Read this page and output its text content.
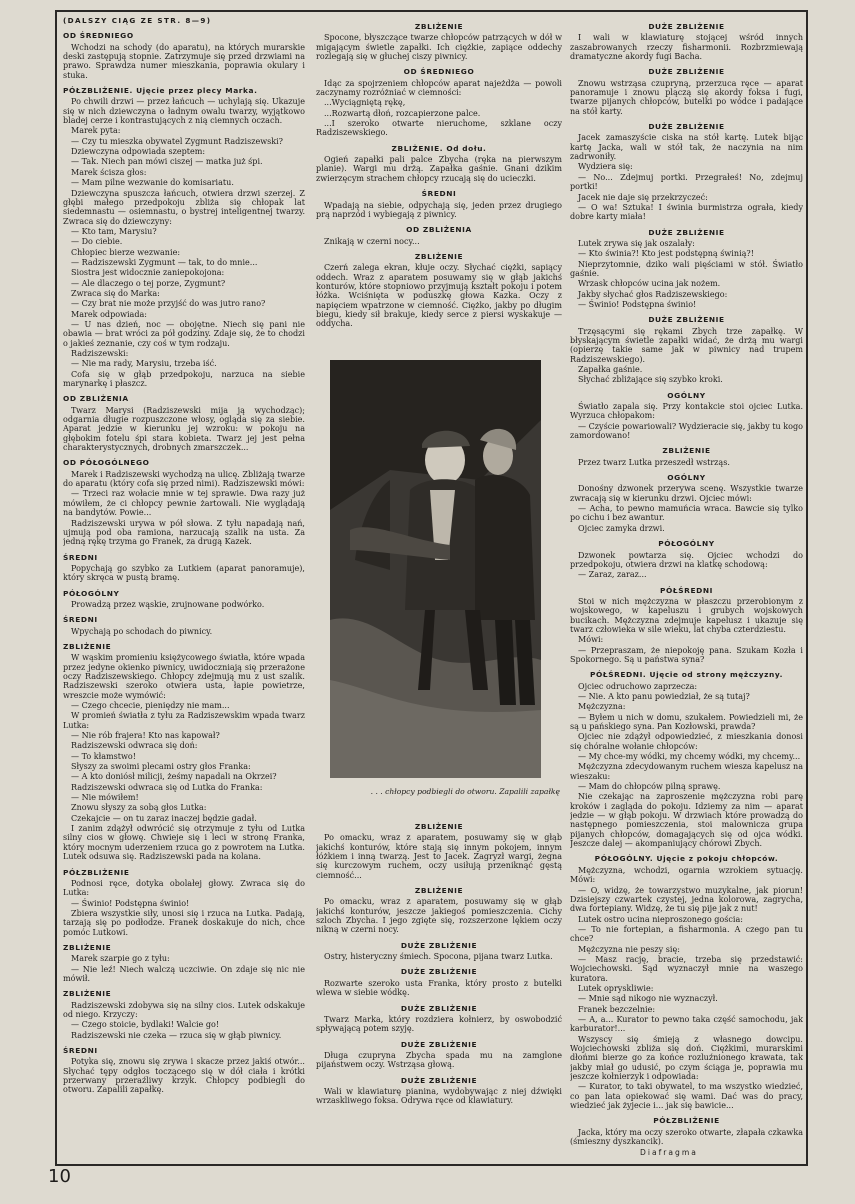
(DALSZY CIĄG ZE STR. 8—9)
OD ŚREDNIEGO

Wchodzi na schody (do aparatu), na których murarskie deski zastępują stopnie. Zatrzymuje się przed drzwiami na prawo. Sprawdza numer mieszkania, poprawia okulary i stuka.

PÓŁZBLIŻENIE. Ujęcie przez plecy Marka.

Po chwili drzwi — przez łańcuch — uchylają się. Ukazuje się w nich dziewczyna o ładnym owalu twarzy, wyjątkowo bladej cerze i kontrastujących z nią ciemnych oczach.

Marek pyta:

— Czy tu mieszka obywatel Zygmunt Radziszewski?

Dziewczyna odpowiada szeptem:

— Tak. Niech pan mówi ciszej — matka już śpi.

Marek ścisza głos:

— Mam pilne wezwanie do komisariatu.

Dziewczyna spuszcza łańcuch, otwiera drzwi szerzej. Z głębi małego przedpokoju zbliża się chłopak lat siedemnastu — osiemnastu, o bystrej inteligentnej twarzy. Zwraca się do dziewczyny:

— Kto tam, Marysiu?

— Do ciebie.

Chłopiec bierze wezwanie:

— Radziszewski Zygmunt — tak, to do mnie...

Siostra jest widocznie zaniepokojona:

— Ale dlaczego o tej porze, Zygmunt?

Zwraca się do Marka:

— Czy brat nie może przyjść do was jutro rano?

Marek odpowiada:

— U nas dzień, noc — obojętne. Niech się pani nie obawia — brat wróci za pół godziny. Zdaje się, że to chodzi o jakieś zeznanie, czy coś w tym rodzaju.

Radziszewski:

— Nie ma rady, Marysiu, trzeba iść.

Cofa się w głąb przedpokoju, narzuca na siebie marynarkę i płaszcz.

OD ZBLIŻENIA

Twarz Marysi (Radziszewski mija ją wychodząc); odgarnia długie rozpuszczone włosy, ogląda się za siebie. Aparat jedzie w kierunku jej wzroku: w pokoju na głębokim fotelu śpi stara kobieta. Twarz jej jest pełna charakterystycznych, drobnych zmarszczek...

OD PÓŁOGÓLNEGO

Marek i Radziszewski wychodzą na ulicę. Zbliżają twarze do aparatu (który cofa się przed nimi). Radziszewski mówi:

— Trzeci raz wołacie mnie w tej sprawie. Dwa razy już mówiłem, że ci chłopcy pewnie żartowali. Nie wyglądają na bandytów. Powie...

Radziszewski urywa w pół słowa. Z tyłu napadają nań, ujmują pod oba ramiona, narzucają szalik na usta. Za jedną rękę trzyma go Franek, za drugą Kazek.

ŚREDNI

Popychają go szybko za Lutkiem (aparat panoramuje), który skręca w pustą bramę.

PÓŁOGÓLNY

Prowadzą przez wąskie, zrujnowane podwórko.

ŚREDNI

Wpychają po schodach do piwnicy.

ZBLIŻENIE

W wąskim promieniu księżycowego światła, które wpada przez jedyne okienko piwnicy, uwidoczniają się przerażone oczy Radziszewskiego. Chłopcy zdejmują mu z ust szalik. Radziszewski szeroko otwiera usta, łapie powietrze, wreszcie może wymówić:

— Czego chcecie, pieniędzy nie mam...

W promień światła z tyłu za Radziszewskim wpada twarz Lutka:

— Nie rób frajera! Kto nas kapował?

Radziszewski odwraca się doń:

— To kłamstwo!

Słyszy za swoimi plecami ostry głos Franka:

— A kto doniósł milicji, żeśmy napadali na Okrzei?

Radziszewski odwraca się od Lutka do Franka:

— Nie mówiłem!

Znowu słyszy za sobą głos Lutka:

Czekajcie — on tu zaraz inaczej będzie gadał.

I zanim zdążył odwrócić się otrzymuje z tyłu od Lutka silny cios w głowę. Chwieje się i leci w stronę Franka, który mocnym uderzeniem rzuca go z powrotem na Lutka. Lutek odsuwa się. Radziszewski pada na kolana.

PÓŁZBLIŻENIE

Podnosi ręce, dotyka obolałej głowy. Zwraca się do Lutka:

— Świnio! Podstępna świnio!

Zbiera wszystkie siły, unosi się i rzuca na Lutka. Padają, tarzają się po podłodze. Franek doskakuje do nich, chce pomóc Lutkowi.

ZBLIŻENIE

Marek szarpie go z tyłu:

— Nie leź! Niech walczą uczciwie. On zdaje się nic nie mówił.

ZBLIŻENIE

Radziszewski zdobywa się na silny cios. Lutek odskakuje od niego. Krzyczy:

— Czego stoicie, bydlaki! Walcie go!

Radziszewski nie czeka — rzuca się w głąb piwnicy.

ŚREDNI

Potyka się, znowu się zrywa i skacze przez jakiś otwór... Słychać tępy odgłos toczącego się w dół ciała i krótki przerwany przeraźliwy krzyk. Chłopcy podbiegli do otworu. Zapalili zapałkę.

ZBLIŻENIE

Spocone, błyszczące twarze chłopców patrzących w dół w migającym świetle zapałki. Ich ciężkie, zapiące oddechy rozlegają się w głuchej ciszy piwnicy.

OD ŚREDNIEGO

Idąc za spojrzeniem chłopców aparat najeżdża — powoli zaczynamy rozróżniać w ciemności:

...Wyciągniętą rękę,

...Rozwartą dłoń, rozcapierzone palce.

...I szeroko otwarte nieruchome, szklane oczy Radziszewskiego.

ZBLIŻENIE. Od dołu.

Ogień zapałki pali palce Zbycha (ręka na pierwszym planie). Wargi mu drżą. Zapałka gaśnie. Gnani dzikim zwierzęcym strachem chłopcy rzucają się do ucieczki.

ŚREDNI

Wpadają na siebie, odpychają się, jeden przez drugiego prą naprzód i wybiegają z piwnicy.

OD ZBLIŻENIA

Znikają w czerni nocy...

ZBLIŻENIE

Czerń zalega ekran, kłuje oczy. Słychać ciężki, sapiący oddech. Wraz z aparatem posuwamy się w głąb jakichś konturów, które stopniowo przyjmują kształt pokoju i potem łóżka. Wciśnięta w poduszkę głowa Kazka. Oczy z napięciem wpatrzone w ciemność. Ciężko, jakby po długim biegu, kiedy sił brakuje, kiedy serce z piersi wyskakuje — oddycha.

. . . chłopcy podbiegli do otworu. Zapalili zapałkę
ZBLIŻENIE

Po omacku, wraz z aparatem, posuwamy się w głąb jakichś konturów, które stają się innym pokojem, innym łóżkiem i inną twarzą. Jest to Jacek. Zagryzł wargi, żegna się kurczowym ruchem, oczy usiłują przeniknąć gęstą ciemność...

ZBLIŻENIE

Po omacku, wraz z aparatem, posuwamy się w głąb jakichś konturów, jeszcze jakiegoś pomieszczenia. Cichy szloch Zbycha. I jego zgięte się, rozszerzone lękiem oczy nikną w czerni nocy.

DUŻE ZBLIŻENIE

Ostry, histeryczny śmiech. Spocona, pijana twarz Lutka.

DUŻE ZBLIŻENIE

Rozwarte szeroko usta Franka, który prosto z butelki wlewa w siebie wódkę.

DUŻE ZBLIŻENIE

Twarz Marka, który rozdziera kołnierz, by oswobodzić spływającą potem szyję.

DUŻE ZBLIŻENIE

Długa czupryna Zbycha spada mu na zamglone pijaństwem oczy. Wstrząsa głową.

DUŻE ZBLIŻENIE

Wali w klawiaturę pianina, wydobywając z niej dźwięki wrzaskliwego foksa. Odrywa ręce od klawiatury.

DUŻE ZBLIŻENIE

I wali w klawiaturę stojącej wśród innych zaszabrowanych rzeczy fisharmonii. Rozbrzmiewają dramatyczne akordy fugi Bacha.

DUŻE ZBLIŻENIE

Znowu wstrząsa czupryną, przerzuca ręce — aparat panoramuje i znowu plączą się akordy foksa i fugi, twarze pijanych chłopców, butelki po wódce i padające na stół karty.

DUŻE ZBLIŻENIE

Jacek zamaszyście ciska na stół kartę. Lutek bijąc kartę Jacka, wali w stół tak, że naczynia na nim zadrwoniły.

Wydziera się:

— No... Zdejmuj portki. Przegrałeś! No, zdejmuj portki!

Jacek nie daje się przekrzyczeć:

— O wa! Sztuka! I świnia burmistrza ograła, kiedy dobre karty miała!

DUŻE ZBLIŻENIE

Lutek zrywa się jak oszalały:

— Kto świnia?! Kto jest podstępną świnią?!

Nieprzytomnie, dziko wali pięściami w stół. Światło gaśnie.

Wrzask chłopców ucina jak nożem.

Jakby słychać głos Radziszewskiego:

— Świnio! Podstępna świnio!

DUŻE ZBLIŻENIE

Trzęsącymi się rękami Zbych trze zapałkę. W błyskającym świetle zapałki widać, że drżą mu wargi (opierzę takie same jak w piwnicy nad trupem Radziszewskiego).

Zapałka gaśnie.

Słychać zbliżające się szybko kroki.

OGÓLNY

Światło zapala się. Przy kontakcie stoi ojciec Lutka. Wyrzuca chłopakom:

— Czyście powariowali? Wydzieracie się, jakby tu kogo zamordowano!

ZBLIŻENIE

Przez twarz Lutka przeszedł wstrząs.

OGÓLNY

Donośny dzwonek przerywa scenę. Wszystkie twarze zwracają się w kierunku drzwi. Ojciec mówi:

— Acha, to pewno mamuńcia wraca. Bawcie się tylko po cichu i bez awantur.

Ojciec zamyka drzwi.

PÓŁOGÓLNY

Dzwonek powtarza się. Ojciec wchodzi do przedpokoju, otwiera drzwi na klatkę schodową:

— Zaraz, zaraz...

PÓŁŚREDNI

Stoi w nich mężczyzna w płaszczu przerobionym z wojskowego, w kapeluszu i grubych wojskowych bucikach. Mężczyzna zdejmuje kapelusz i ukazuje się twarz człowieka w sile wieku, lat chyba czterdziestu.

Mówi:

— Przepraszam, że niepokoję pana. Szukam Kozła i Spokornego. Są u państwa syna?

PÓŁŚREDNI. Ujęcie od strony mężczyzny.

Ojciec odruchowo zaprzecza:

— Nie. A kto panu powiedział, że są tutaj?

Mężczyzna:

— Byłem u nich w domu, szukałem. Powiedzieli mi, że są u pańskiego syna. Pan Kozłowski, prawda?

Ojciec nie zdążył odpowiedzieć, z mieszkania donosi się chóralne wołanie chłopców:

— My chce-my wódki, my chcemy wódki, my chcemy...

Mężczyzna zdecydowanym ruchem wiesza kapelusz na wieszaku:

— Mam do chłopców pilną sprawę.

Nie czekając na zaproszenie mężczyzna robi parę kroków i zagląda do pokoju. Idziemy za nim — aparat jedzie — w głąb pokoju. W drzwiach które prowadzą do następnego pomieszczenia, stoi malownicza grupa pijanych chłopców, domagających się od ojca wódki. Jeszcze dalej — akompaniujący chórowi Zbych.

PÓŁOGÓLNY. Ujęcie z pokoju chłopców.

Mężczyzna, wchodzi, ogarnia wzrokiem sytuację. Mówi:

— O, widzę, że towarzystwo muzykalne, jak piorun! Dzisiejszy czwartek czystej, jedna kolorowa, zagrycha, dwa fortepiany. Widzę, że tu się pije jak z nut!

Lutek ostro ucina nieproszonego gościa:

— To nie fortepian, a fisharmonia. A czego pan tu chce?

Mężczyzna nie peszy się:

— Masz rację, bracie, trzeba się przedstawić: Wojciechowski. Sąd wyznaczył mnie na waszego kuratora.

Lutek opryskliwie:

— Mnie sąd nikogo nie wyznaczył.

Franek bezczelnie:

— A, a... Kurator to pewno taka część samochodu, jak karburator!...

Wszyscy się śmieją z własnego dowcipu. Wojciechowski zbliża się doń. Ciężkimi, murarskimi dłońmi bierze go za końce rozluźnionego krawata, tak jakby miał go udusić, po czym ściąga je, poprawia mu jeszcze kołnierzyk i odpowiada:

— Kurator, to taki obywatel, to ma wszystko wiedzieć, co pan lata opiekować się wami. Dać was do pracy, wiedzieć jak żyjecie i... jak się bawicie...

PÓŁZBLIŻENIE

Jacka, który ma oczy szeroko otwarte, złapała czkawka (śmieszny dyszkancik).

Diafragma
10
